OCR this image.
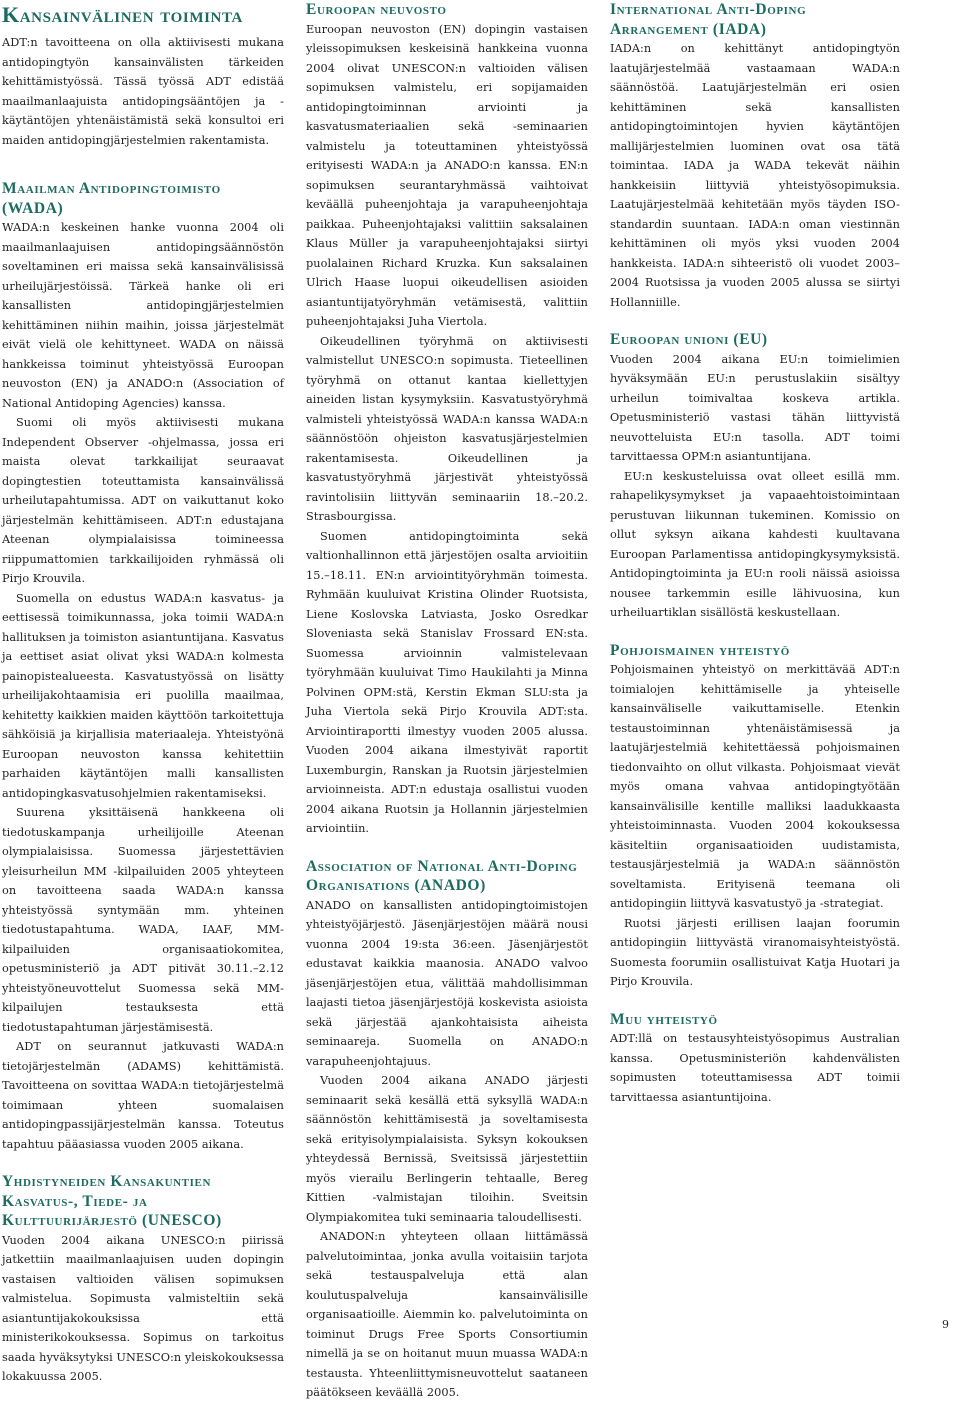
Kansainvälinen toiminta

ADT:n tavoitteena on olla aktiivisesti mukana antidopingtyön kansainvälisten tärkeiden kehittämistyössä. Tässä työssä ADT edistää maailmanlaajuista antidopingsääntöjen ja -käytäntöjen yhtenäistämistä sekä konsultoi eri maiden antidopingjärjestelmien rakentamista.

Maailman Antidopingtoimisto (WADA)

WADA:n keskeinen hanke vuonna 2004 oli maailmanlaajuisen antidopingsäännöstön soveltaminen eri maissa sekä kansainvälisissä urheilujärjestöissä. Tärkeä hanke oli eri kansallisten antidopingjärjestelmien kehittäminen niihin maihin, joissa järjestelmät eivät vielä ole kehittyneet. WADA on näissä hankkeissa toiminut yhteistyössä Euroopan neuvoston (EN) ja ANADO:n (Association of National Antidoping Agencies) kanssa.

Suomi oli myös aktiivisesti mukana Independent Observer -ohjelmassa, jossa eri maista olevat tarkkailijat seuraavat dopingtestien toteuttamista kansainvälissä urheilutapahtumissa. ADT on vaikuttanut koko järjestelmän kehittämiseen. ADT:n edustajana Ateenan olympialaisissa toimineessa riippumattomien tarkkailijoiden ryhmässä oli Pirjo Krouvila.

Suomella on edustus WADA:n kasvatus- ja eettisessä toimikunnassa, joka toimii WADA:n hallituksen ja toimiston asiantuntijana. Kasvatus ja eettiset asiat olivat yksi WADA:n kolmesta painopistealueesta. Kasvatustyössä on lisätty urheilijakohtaamisia eri puolilla maailmaa, kehitetty kaikkien maiden käyttöön tarkoitettuja sähköisiä ja kirjallisia materiaaleja. Yhteistyönä Euroopan neuvoston kanssa kehitettiin parhaiden käytäntöjen malli kansallisten antidopingkasvatusohjelmien rakentamiseksi.

Suurena yksittäisenä hankkeena oli tiedotuskampanja urheilijoille Ateenan olympialaisissa. Suomessa järjestettävien yleisurheilun MM -kilpailuiden 2005 yhteyteen on tavoitteena saada WADA:n kanssa yhteistyössä syntymään mm. yhteinen tiedotustapahtuma. WADA, IAAF, MM-kilpailuiden organisaatiokomitea, opetusministeriö ja ADT pitivät 30.11.–2.12 yhteistyöneuvottelut Suomessa sekä MM-kilpailujen testauksesta että tiedotustapahtuman järjestämisestä.

ADT on seurannut jatkuvasti WADA:n tietojärjestelmän (ADAMS) kehittämistä. Tavoitteena on sovittaa WADA:n tietojärjestelmä toimimaan yhteen suomalaisen antidopingpassijärjestelmän kanssa. Toteutus tapahtuu pääasiassa vuoden 2005 aikana.

Yhdistyneiden Kansakuntien Kasvatus-, Tiede- ja Kulttuurijärjestö (UNESCO)

Vuoden 2004 aikana UNESCO:n piirissä jatkettiin maailmanlaajuisen uuden dopingin vastaisen valtioiden välisen sopimuksen valmistelua. Sopimusta valmisteltiin sekä asiantuntijakokouksissa että ministerikokouksessa. Sopimus on tarkoitus saada hyväksytyksi UNESCO:n yleiskokouksessa lokakuussa 2005.

Euroopan neuvosto

Euroopan neuvoston (EN) dopingin vastaisen yleissopimuksen keskeisinä hankkeina vuonna 2004 olivat UNESCON:n valtioiden välisen sopimuksen valmistelu, eri sopijamaiden antidopingtoiminnan arviointi ja kasvatusmateriaalien sekä -seminaarien valmistelu ja toteuttaminen yhteistyössä erityisesti WADA:n ja ANADO:n kanssa. EN:n sopimuksen seurantaryhmässä vaihtoivat keväällä puheenjohtaja ja varapuheenjohtaja paikkaa. Puheenjohtajaksi valittiin saksalainen Klaus Müller ja varapuheenjohtajaksi siirtyi puolalainen Richard Kruzka. Kun saksalainen Ulrich Haase luopui oikeudellisen asioiden asiantuntijatyöryhmän vetämisestä, valittiin puheenjohtajaksi Juha Viertola.

Oikeudellinen työryhmä on aktiivisesti valmistellut UNESCO:n sopimusta. Tieteellinen työryhmä on ottanut kantaa kiellettyjen aineiden listan kysymyksiin. Kasvatustyöryhmä valmisteli yhteistyössä WADA:n kanssa WADA:n säännöstöön ohjeiston kasvatusjärjestelmien rakentamisesta. Oikeudellinen ja kasvatustyöryhmä järjestivät yhteistyössä ravintolisiin liittyvän seminaariin 18.–20.2. Strasbourgissa.

Suomen antidopingtoiminta sekä valtionhallinnon että järjestöjen osalta arvioitiin 15.–18.11. EN:n arviointityöryhmän toimesta. Ryhmään kuuluivat Kristina Olinder Ruotsista, Liene Koslovska Latviasta, Josko Osredkar Sloveniasta sekä Stanislav Frossard EN:sta. Suomessa arvioinnin valmistelevaan työryhmään kuuluivat Timo Haukilahti ja Minna Polvinen OPM:stä, Kerstin Ekman SLU:sta ja Juha Viertola sekä Pirjo Krouvila ADT:sta. Arviointiraportti ilmestyy vuoden 2005 alussa. Vuoden 2004 aikana ilmestyivät raportit Luxemburgin, Ranskan ja Ruotsin järjestelmien arvioinneista. ADT:n edustaja osallistui vuoden 2004 aikana Ruotsin ja Hollannin järjestelmien arviointiin.

Association of National Anti-Doping Organisations (ANADO)

ANADO on kansallisten antidopingtoimistojen yhteistyöjärjestö. Jäsenjärjestöjen määrä nousi vuonna 2004 19:sta 36:een. Jäsenjärjestöt edustavat kaikkia maanosia. ANADO valvoo jäsenjärjestöjen etua, välittää mahdollisimman laajasti tietoa jäsenjärjestöjä koskevista asioista sekä järjestää ajankohtaisista aiheista seminaareja. Suomella on ANADO:n varapuheenjohtajuus.

Vuoden 2004 aikana ANADO järjesti seminaarit sekä kesällä että syksyllä WADA:n säännöstön kehittämisestä ja soveltamisesta sekä erityisolympialaisista. Syksyn kokouksen yhteydessä Bernissä, Sveitsissä järjestettiin myös vierailu Berlingerin tehtaalle, Bereg Kittien -valmistajan tiloihin. Sveitsin Olympiakomitea tuki seminaaria taloudellisesti.

ANADON:n yhteyteen ollaan liittämässä palvelutoimintaa, jonka avulla voitaisiin tarjota sekä testauspalveluja että alan koulutuspalveluja kansainvälisille organisaatioille. Aiemmin ko. palvelutoiminta on toiminut Drugs Free Sports Consortiumin nimellä ja se on hoitanut muun muassa WADA:n testausta. Yhteenliittymisneuvottelut saataneen päätökseen keväällä 2005.

International Anti-Doping Arrangement (IADA)

IADA:n on kehittänyt antidopingtyön laatujärjestelmää vastaamaan WADA:n säännöstöä. Laatujärjestelmän eri osien kehittäminen sekä kansallisten antidopingtoimintojen hyvien käytäntöjen mallijärjestelmien luominen ovat osa tätä toimintaa. IADA ja WADA tekevät näihin hankkeisiin liittyviä yhteistyösopimuksia. Laatujärjestelmää kehitetään myös täyden ISO-standardin suuntaan. IADA:n oman viestinnän kehittäminen oli myös yksi vuoden 2004 hankkeista. IADA:n sihteeristö oli vuodet 2003–2004 Ruotsissa ja vuoden 2005 alussa se siirtyi Hollanniille.

Euroopan unioni (EU)

Vuoden 2004 aikana EU:n toimielimien hyväksymään EU:n perustuslakiin sisältyy urheilun toimivaltaa koskeva artikla. Opetusministeriö vastasi tähän liittyvistä neuvotteluista EU:n tasolla. ADT toimi tarvittaessa OPM:n asiantuntijana.

EU:n keskusteluissa ovat olleet esillä mm. rahapelikysymykset ja vapaaehtoistoimintaan perustuvan liikunnan tukeminen. Komissio on ollut syksyn aikana kahdesti kuultavana Euroopan Parlamentissa antidopingkysymyksistä. Antidopingtoiminta ja EU:n rooli näissä asioissa nousee tarkemmin esille lähivuosina, kun urheiluartiklan sisällöstä keskustellaan.

Pohjoismainen yhteistyö

Pohjoismainen yhteistyö on merkittävää ADT:n toimialojen kehittämiselle ja yhteiselle kansainväliselle vaikuttamiselle. Etenkin testaustoiminnan yhtenäistämisessä ja laatujärjestelmiä kehitettäessä pohjoismainen tiedonvaihto on ollut vilkasta. Pohjoismaat vievät myös omana vahvaa antidopingtyötään kansainvälisille kentille malliksi laadukkaasta yhteistoiminnasta. Vuoden 2004 kokouksessa käsiteltiin organisaatioiden uudistamista, testausjärjestelmiä ja WADA:n säännöstön soveltamista. Erityisenä teemana oli antidopingiin liittyvä kasvatustyö ja -strategiat.

Ruotsi järjesti erillisen laajan foorumin antidopingiin liittyvästä viranomaisyhteistyöstä. Suomesta foorumiin osallistuivat Katja Huotari ja Pirjo Krouvila.

Muu yhteistyö

ADT:llä on testausyhteistyösopimus Australian kanssa. Opetusministeriön kahdenvälisten sopimusten toteuttamisessa ADT toimii tarvittaessa asiantuntijoina.

9
